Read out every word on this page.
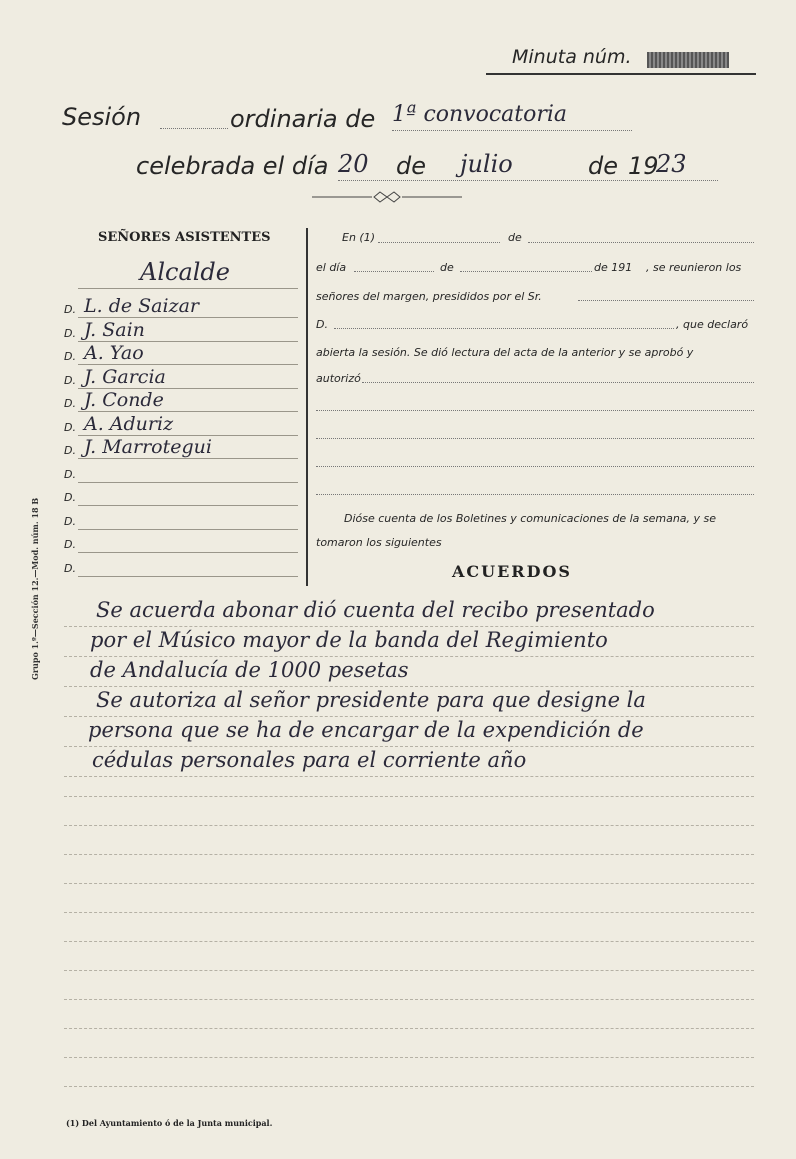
Minuta núm.
Sesión	ordinaria de 1ª convocatoria
celebrada el día 20 de julio	de 19
23
SEÑORES ASISTENTES
Alcalde
D. L. de Saizar
D. J. Sain
D. A. Yao
D. J. Garcia
D. J. Conde
D. A. Aduriz
D. J. Marrotegui
D.
D.
D.
D.
D.
En (1)	de
el día	de	de 191 , se reunieron los
señores del margen, presididos por el Sr.
D.	, que declaró
abierta la sesión. Se dió lectura del acta de la anterior y se aprobó y
autorizó
Dióse cuenta de los Boletines y comunicaciones de la semana, y se
tomaron los siguientes
ACUERDOS
Se acuerda abonar dió cuenta del recibo presentado
por el Músico mayor de la banda del Regimiento
de Andalucía de 1000 pesetas
Se autoriza al señor presidente para que designe la
persona que se ha de encargar de la expendición de
cédulas personales para el corriente año
Grupo 1.º—Sección 12.—Mod. núm. 18 B
(1) Del Ayuntamiento ó de la Junta municipal.
